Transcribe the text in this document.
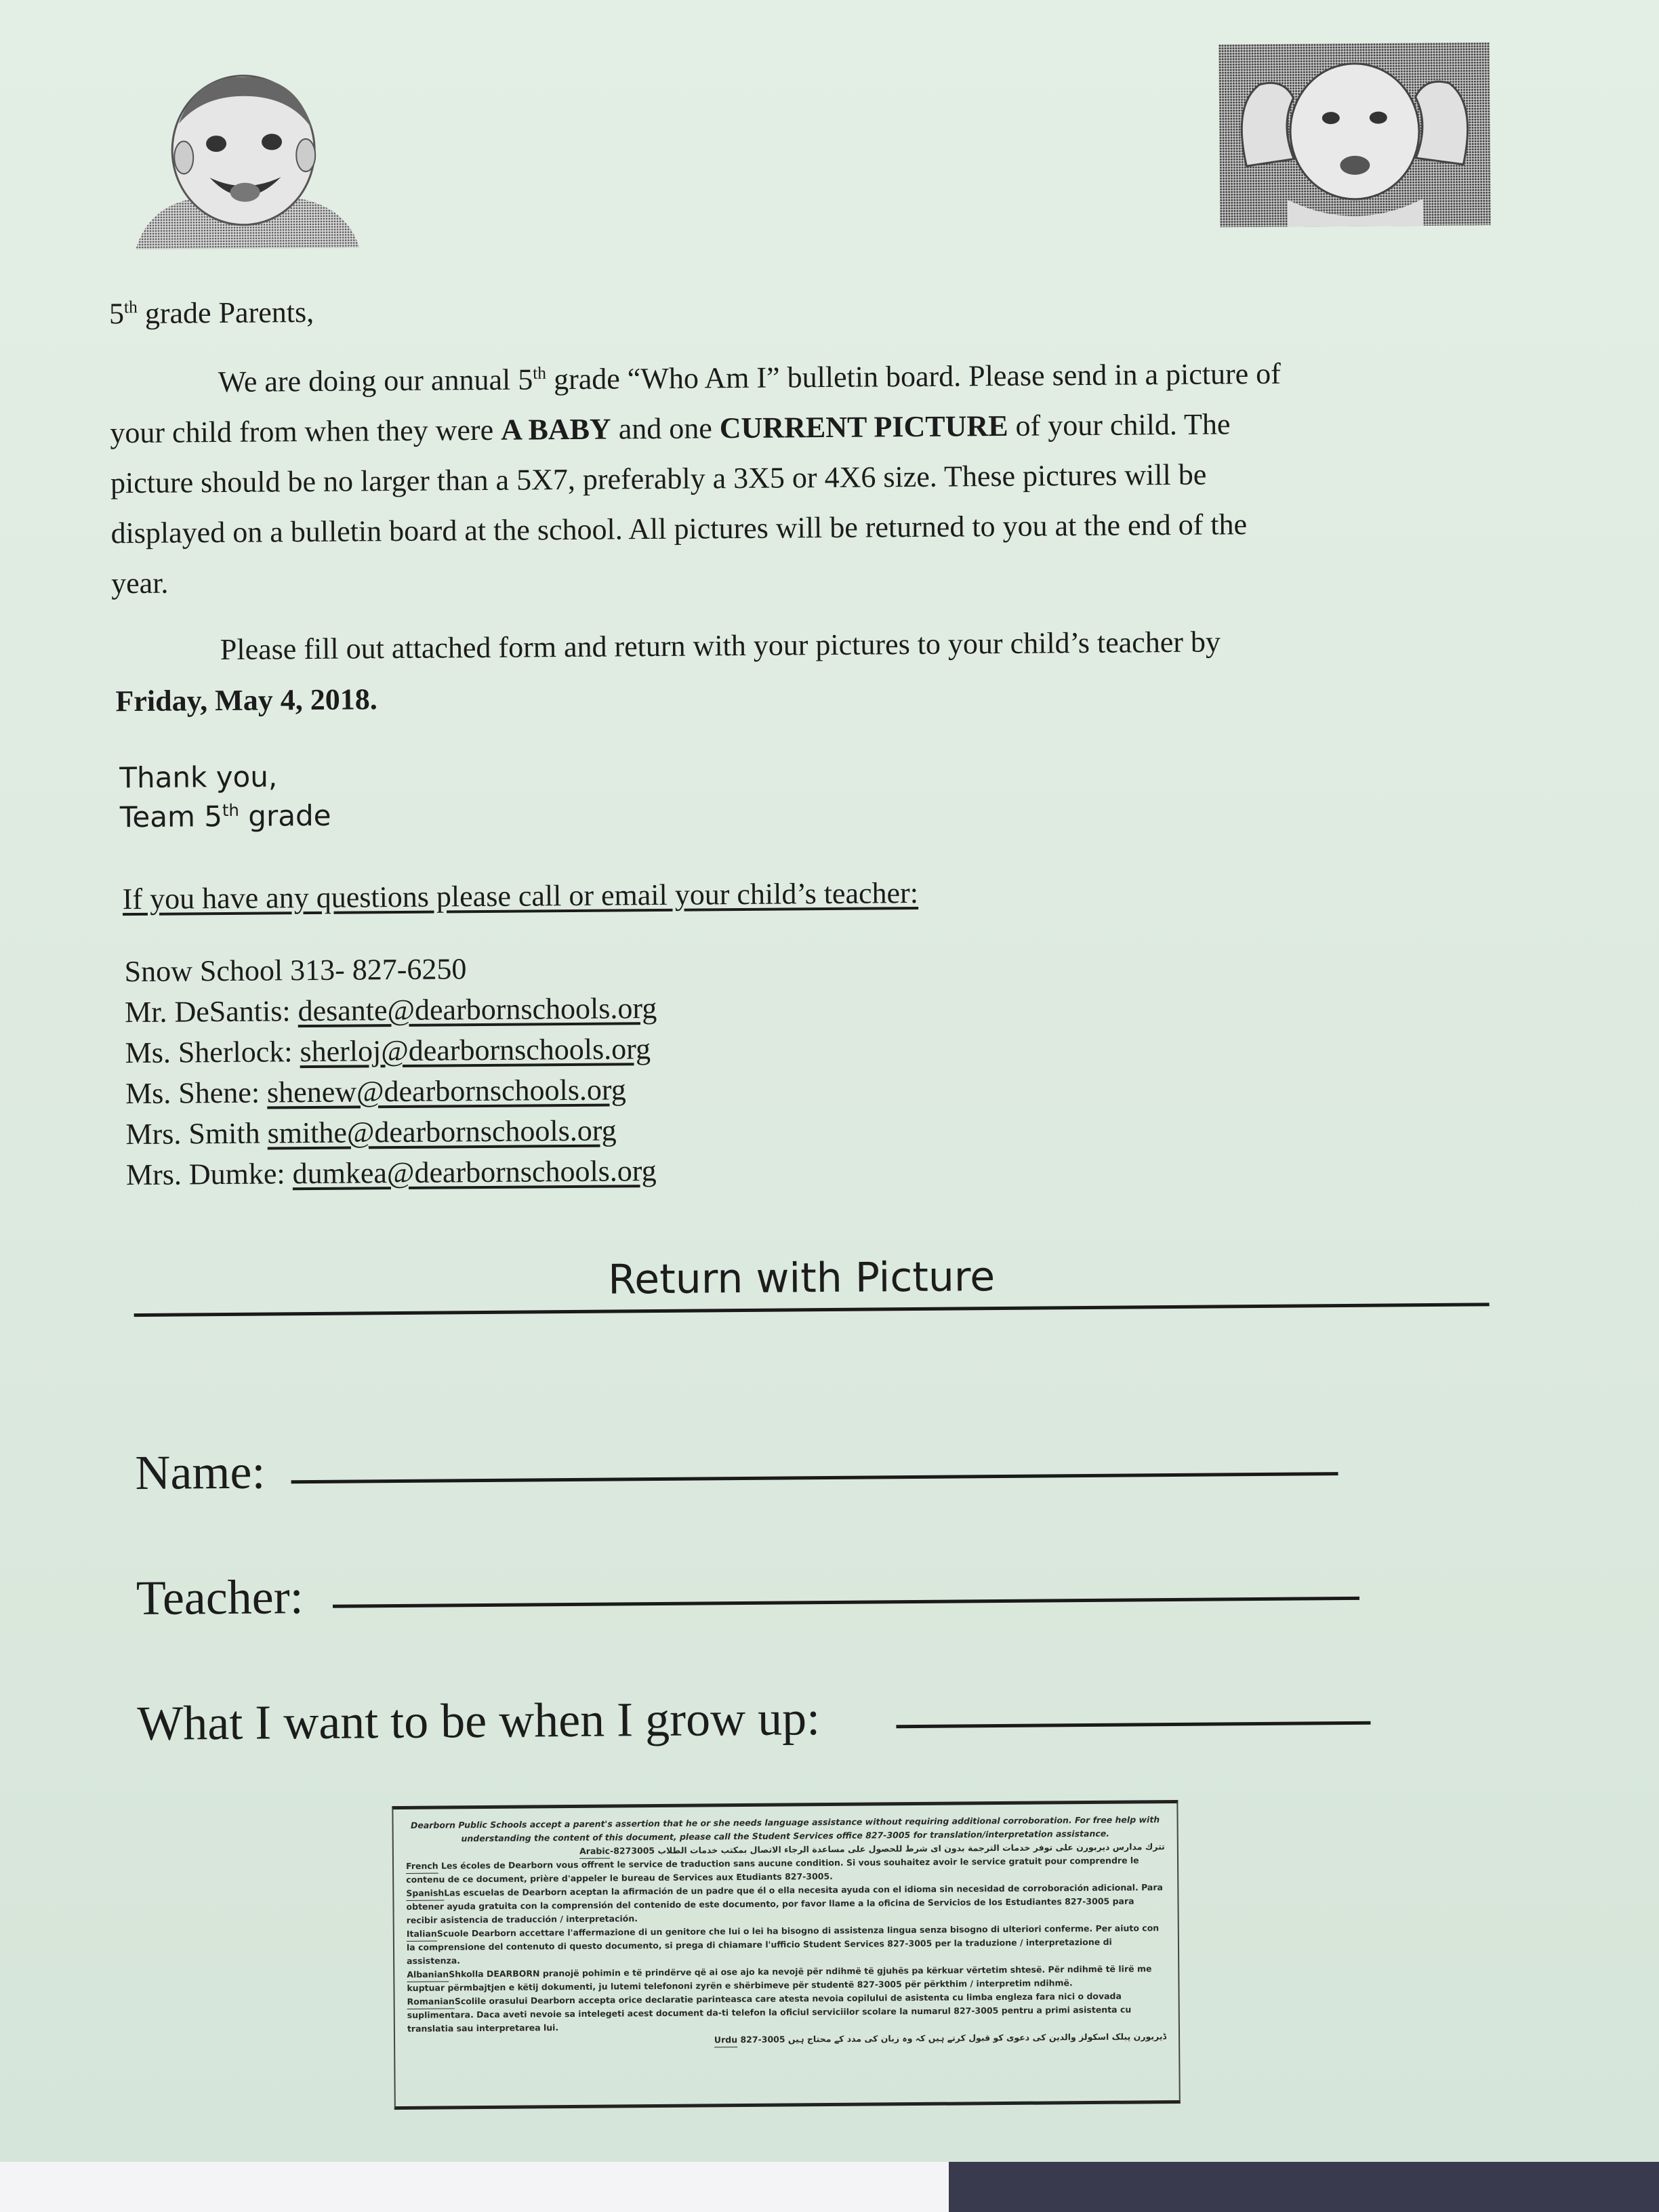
5th grade Parents,
We are doing our annual 5th grade “Who Am I” bulletin board. Please send in a picture of
your child from when they were A BABY and one CURRENT PICTURE of your child. The
picture should be no larger than a 5X7, preferably a 3X5 or 4X6 size. These pictures will be
displayed on a bulletin board at the school. All pictures will be returned to you at the end of the
year.
Please fill out attached form and return with your pictures to your child’s teacher by
Friday, May 4, 2018.
Thank you,
Team 5th grade
If you have any questions please call or email your child’s teacher:
Snow School 313- 827-6250
Mr. DeSantis: desante@dearbornschools.org
Ms. Sherlock: sherloj@dearbornschools.org
Ms. Shene: shenew@dearbornschools.org
Mrs. Smith smithe@dearbornschools.org
Mrs. Dumke: dumkea@dearbornschools.org
Return with Picture
Name:
Teacher:
What I want to be when I grow up:
Dearborn Public Schools accept a parent's assertion that he or she needs language assistance without requiring additional corroboration. For free help with understanding the content of this document, please call the Student Services office 827-3005 for translation/interpretation assistance.
تترك مدارس ديربورن على توفر خدمات الترجمة بدون اى شرط للحصول على مساعدة الرجاء الاتصال بمكتب خدمات الطلاب Arabic-8273005
French Les écoles de Dearborn vous offrent le service de traduction sans aucune condition. Si vous souhaitez avoir le service gratuit pour comprendre le contenu de ce document, prière d'appeler le bureau de Services aux Etudiants 827-3005.
SpanishLas escuelas de Dearborn aceptan la afirmación de un padre que él o ella necesita ayuda con el idioma sin necesidad de corroboración adicional. Para obtener ayuda gratuita con la comprensión del contenido de este documento, por favor llame a la oficina de Servicios de los Estudiantes 827-3005 para recibir asistencia de traducción / interpretación.
ItalianScuole Dearborn accettare l'affermazione di un genitore che lui o lei ha bisogno di assistenza lingua senza bisogno di ulteriori conferme. Per aiuto con la comprensione del contenuto di questo documento, si prega di chiamare l'ufficio Student Services 827-3005 per la traduzione / interpretazione di assistenza.
AlbanianShkolla DEARBORN pranojë pohimin e të prindërve që ai ose ajo ka nevojë për ndihmë të gjuhës pa kërkuar vërtetim shtesë. Për ndihmë të lirë me kuptuar përmbajtjen e këtij dokumenti, ju lutemi telefononi zyrën e shërbimeve për studentë 827-3005 për përkthim / interpretim ndihmë.
RomanianScolile orasului Dearborn accepta orice declaratie parinteasca care atesta nevoia copilului de asistenta cu limba engleza fara nici o dovada suplimentara. Daca aveti nevoie sa intelegeti acest document da-ti telefon la oficiul serviciilor scolare la numarul 827-3005 pentru a primi asistenta cu translatia sau interpretarea lui.
ڈیربورن پبلک اسکولز والدین کی دعوی کو قبول کرتے ہیں کہ وہ زبان کی مدد کے محتاج ہیں Urdu 827-3005
